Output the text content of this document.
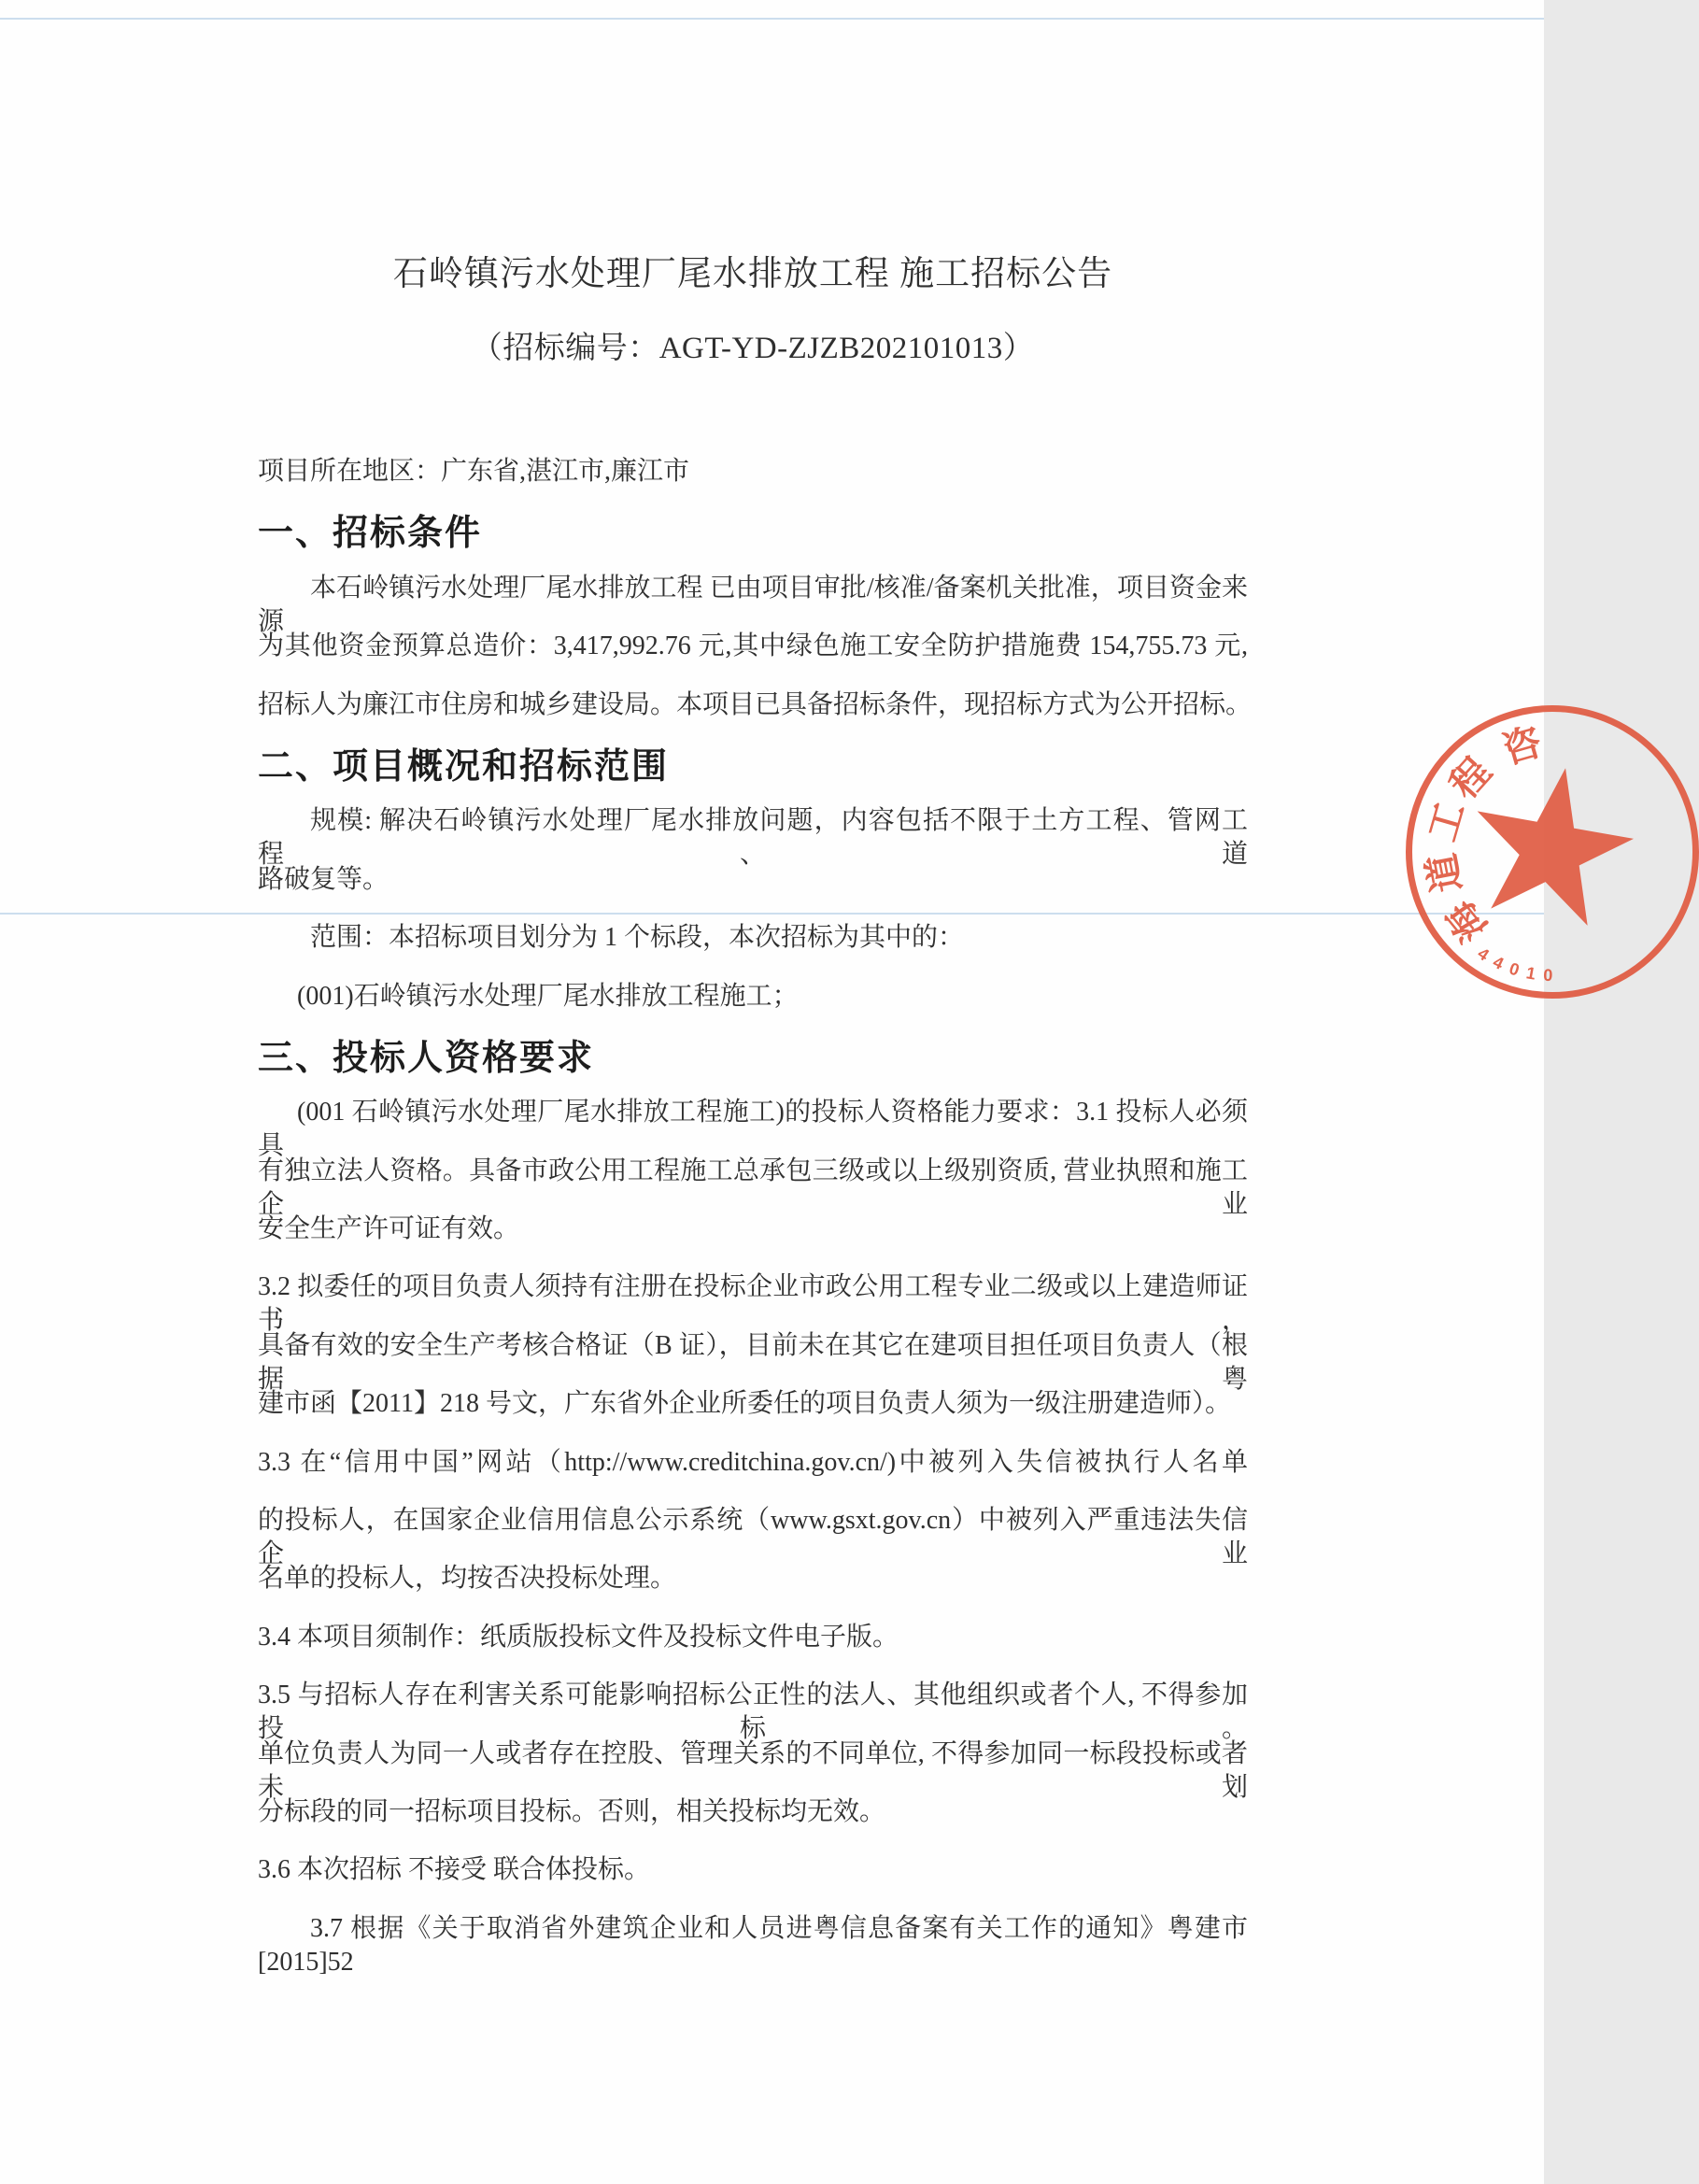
石岭镇污水处理厂尾水排放工程 施工招标公告
（招标编号：AGT-YD-ZJZB202101013）
项目所在地区：广东省,湛江市,廉江市
一、招标条件
本石岭镇污水处理厂尾水排放工程 已由项目审批/核准/备案机关批准，项目资金来源
为其他资金预算总造价：3,417,992.76 元,其中绿色施工安全防护措施费 154,755.73 元,
招标人为廉江市住房和城乡建设局。本项目已具备招标条件，现招标方式为公开招标。
二、项目概况和招标范围
规模: 解决石岭镇污水处理厂尾水排放问题，内容包括不限于土方工程、管网工程、道
路破复等。
范围：本招标项目划分为 1 个标段，本次招标为其中的：
(001)石岭镇污水处理厂尾水排放工程施工；
三、投标人资格要求
(001 石岭镇污水处理厂尾水排放工程施工)的投标人资格能力要求：3.1 投标人必须具
有独立法人资格。具备市政公用工程施工总承包三级或以上级别资质, 营业执照和施工企业
安全生产许可证有效。
3.2 拟委任的项目负责人须持有注册在投标企业市政公用工程专业二级或以上建造师证书，
具备有效的安全生产考核合格证（B 证），目前未在其它在建项目担任项目负责人（根据粤
建市函【2011】218 号文，广东省外企业所委任的项目负责人须为一级注册建造师）。
3.3 在“信用中国”网站（http://www.creditchina.gov.cn/)中被列入失信被执行人名单
的投标人，在国家企业信用信息公示系统（www.gsxt.gov.cn）中被列入严重违法失信企业
名单的投标人，均按否决投标处理。
3.4 本项目须制作：纸质版投标文件及投标文件电子版。
3.5 与招标人存在利害关系可能影响招标公正性的法人、其他组织或者个人, 不得参加投标。
单位负责人为同一人或者存在控股、管理关系的不同单位, 不得参加同一标段投标或者未划
分标段的同一招标项目投标。否则，相关投标均无效。
3.6 本次招标 不接受 联合体投标。
3.7 根据《关于取消省外建筑企业和人员进粤信息备案有关工作的通知》粤建市[2015]52
咨
程
工
道
海
4
4 0 1 0
